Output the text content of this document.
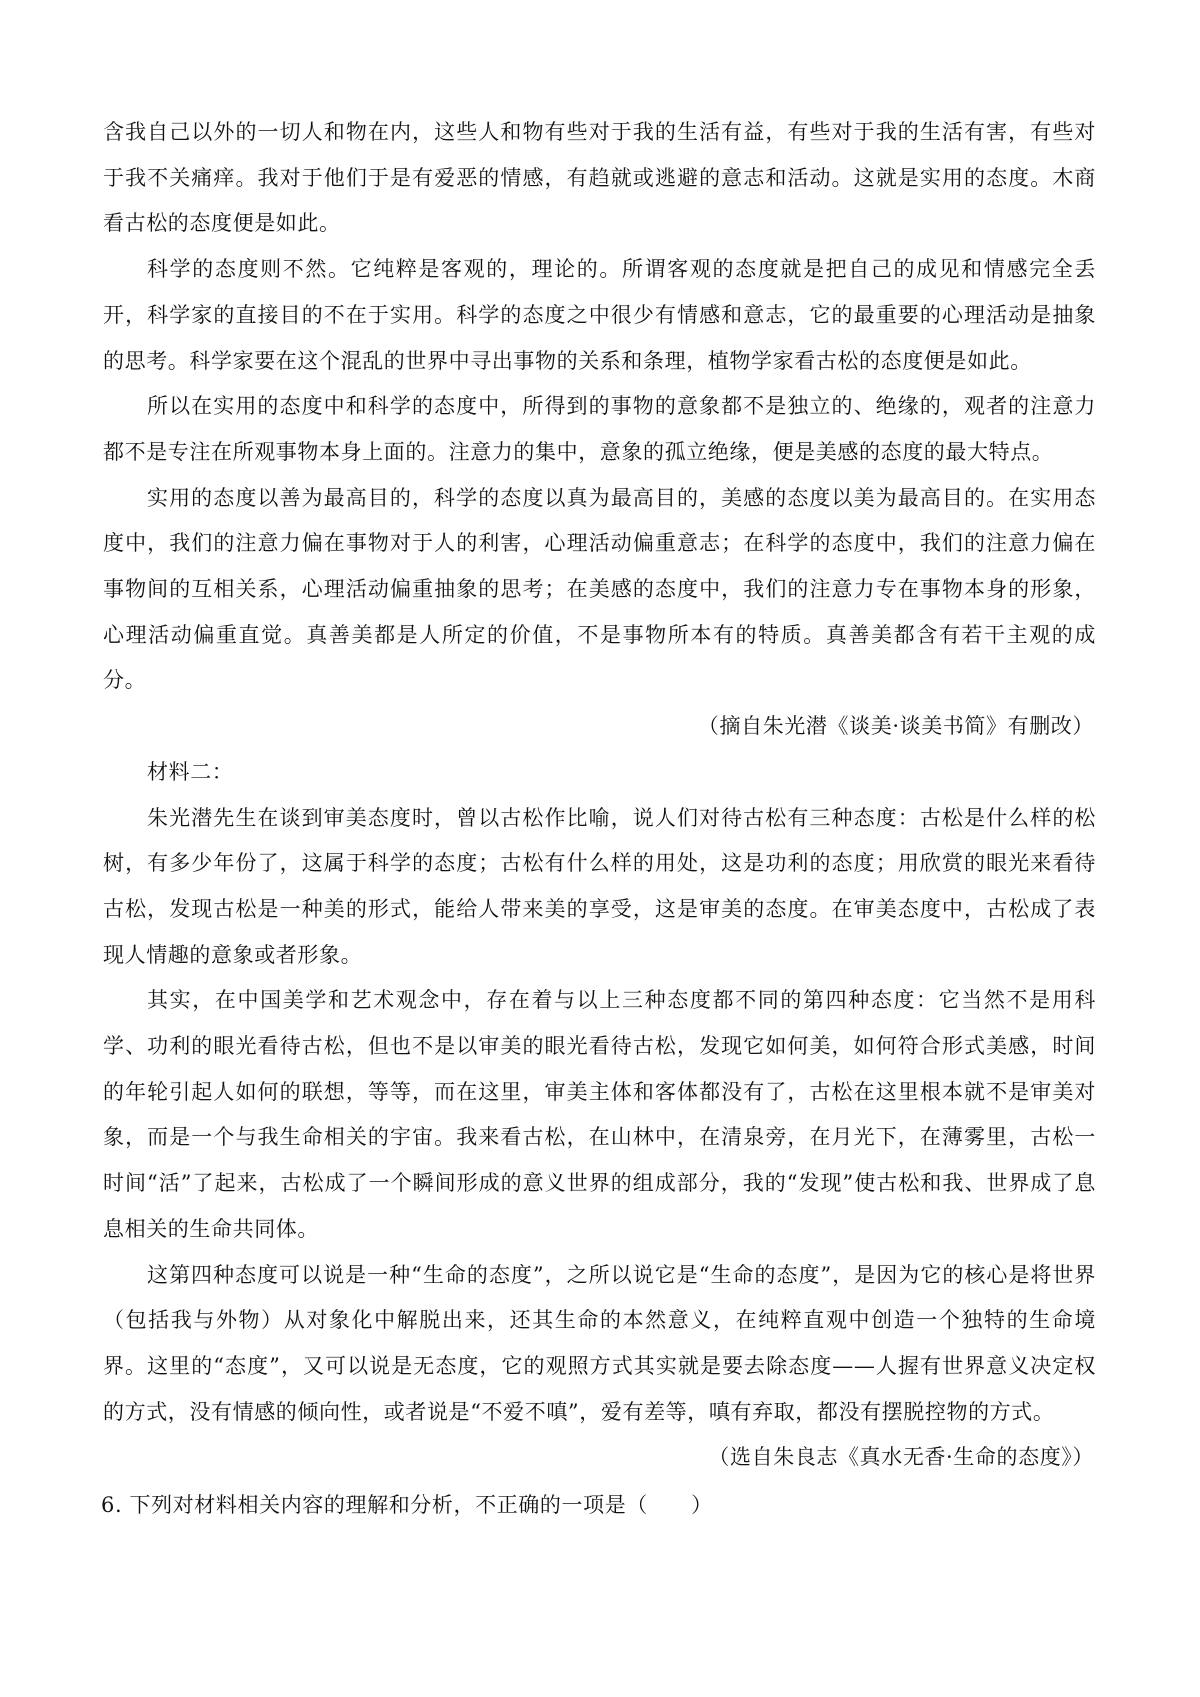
含我自己以外的一切人和物在内，这些人和物有些对于我的生活有益，有些对于我的生活有害，有些对于我不关痛痒。我对于他们于是有爱恶的情感，有趋就或逃避的意志和活动。这就是实用的态度。木商看古松的态度便是如此。

科学的态度则不然。它纯粹是客观的，理论的。所谓客观的态度就是把自己的成见和情感完全丢开，科学家的直接目的不在于实用。科学的态度之中很少有情感和意志，它的最重要的心理活动是抽象的思考。科学家要在这个混乱的世界中寻出事物的关系和条理，植物学家看古松的态度便是如此。

所以在实用的态度中和科学的态度中，所得到的事物的意象都不是独立的、绝缘的，观者的注意力都不是专注在所观事物本身上面的。注意力的集中，意象的孤立绝缘，便是美感的态度的最大特点。

实用的态度以善为最高目的，科学的态度以真为最高目的，美感的态度以美为最高目的。在实用态度中，我们的注意力偏在事物对于人的利害，心理活动偏重意志；在科学的态度中，我们的注意力偏在事物间的互相关系，心理活动偏重抽象的思考；在美感的态度中，我们的注意力专在事物本身的形象，心理活动偏重直觉。真善美都是人所定的价值，不是事物所本有的特质。真善美都含有若干主观的成分。

（摘自朱光潜《谈美·谈美书简》有删改）

材料二：

朱光潜先生在谈到审美态度时，曾以古松作比喻，说人们对待古松有三种态度：古松是什么样的松树，有多少年份了，这属于科学的态度；古松有什么样的用处，这是功利的态度；用欣赏的眼光来看待古松，发现古松是一种美的形式，能给人带来美的享受，这是审美的态度。在审美态度中，古松成了表现人情趣的意象或者形象。

其实，在中国美学和艺术观念中，存在着与以上三种态度都不同的第四种态度：它当然不是用科学、功利的眼光看待古松，但也不是以审美的眼光看待古松，发现它如何美，如何符合形式美感，时间的年轮引起人如何的联想，等等，而在这里，审美主体和客体都没有了，古松在这里根本就不是审美对象，而是一个与我生命相关的宇宙。我来看古松，在山林中，在清泉旁，在月光下，在薄雾里，古松一时间“活”了起来，古松成了一个瞬间形成的意义世界的组成部分，我的“发现”使古松和我、世界成了息息相关的生命共同体。

这第四种态度可以说是一种“生命的态度”，之所以说它是“生命的态度”，是因为它的核心是将世界（包括我与外物）从对象化中解脱出来，还其生命的本然意义，在纯粹直观中创造一个独特的生命境界。这里的“态度”，又可以说是无态度，它的观照方式其实就是要去除态度——人握有世界意义决定权的方式，没有情感的倾向性，或者说是“不爱不嗔”，爱有差等，嗔有弃取，都没有摆脱控物的方式。

（选自朱良志《真水无香·生命的态度》）

6. 下列对材料相关内容的理解和分析，不正确的一项是（　　）
